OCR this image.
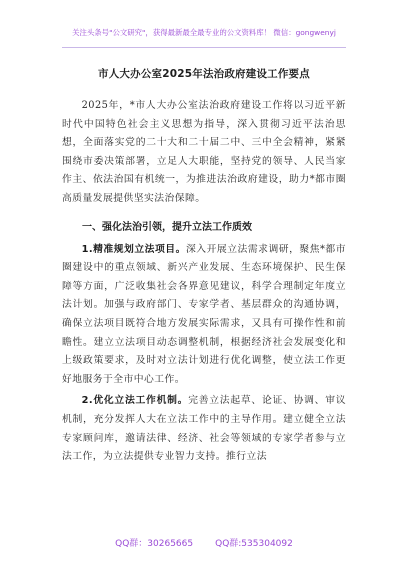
关注头条号"公文研究"，获得最新最全最专业的公文资料库！ 微信：gongwenyj
市人大办公室2025年法治政府建设工作要点

2025年，*市人大办公室法治政府建设工作将以习近平新时代中国特色社会主义思想为指导，深入贯彻习近平法治思想，全面落实党的二十大和二十届二中、三中全会精神，紧紧围绕市委决策部署，立足人大职能，坚持党的领导、人民当家作主、依法治国有机统一，为推进法治政府建设，助力*都市圈高质量发展提供坚实法治保障。

一、强化法治引领，提升立法工作质效

1.精准规划立法项目。深入开展立法需求调研，聚焦*都市圈建设中的重点领域、新兴产业发展、生态环境保护、民生保障等方面，广泛收集社会各界意见建议，科学合理制定年度立法计划。加强与政府部门、专家学者、基层群众的沟通协调，确保立法项目既符合地方发展实际需求，又具有可操作性和前瞻性。建立立法项目动态调整机制，根据经济社会发展变化和上级政策要求，及时对立法计划进行优化调整，使立法工作更好地服务于全市中心工作。

2.优化立法工作机制。完善立法起草、论证、协调、审议机制，充分发挥人大在立法工作中的主导作用。建立健全立法专家顾问库，邀请法律、经济、社会等领域的专家学者参与立法工作，为立法提供专业智力支持。推行立法

QQ群：30265665 QQ群:535304092
